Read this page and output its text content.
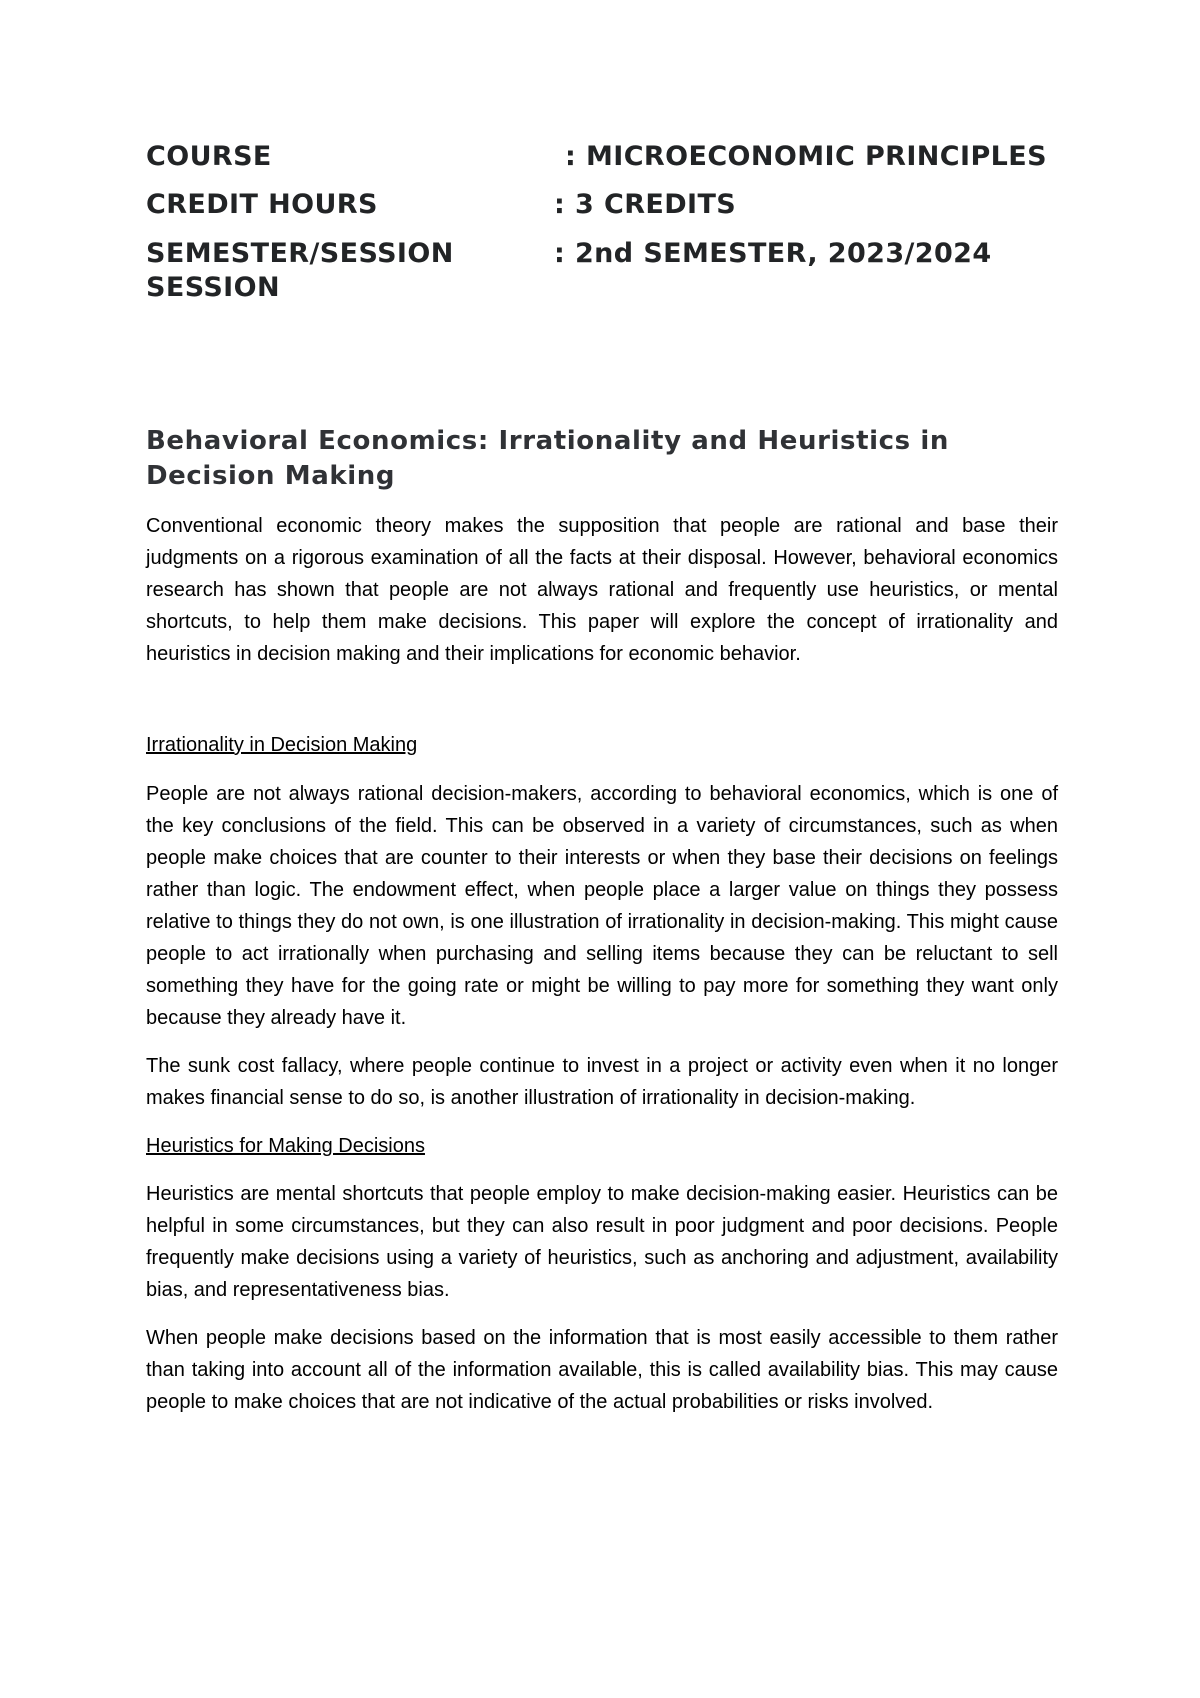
COURSE	: MICROECONOMIC PRINCIPLES
CREDIT HOURS	: 3 CREDITS
SEMESTER/SESSION SESSION
: 2nd SEMESTER, 2023/2024
Behavioral Economics: Irrationality and Heuristics in Decision Making

Conventional economic theory makes the supposition that people are rational and base their judgments on a rigorous examination of all the facts at their disposal. However, behavioral economics research has shown that people are not always rational and frequently use heuristics, or mental shortcuts, to help them make decisions. This paper will explore the concept of irrationality and heuristics in decision making and their implications for economic behavior.

Irrationality in Decision Making

People are not always rational decision-makers, according to behavioral economics, which is one of the key conclusions of the field. This can be observed in a variety of circumstances, such as when people make choices that are counter to their interests or when they base their decisions on feelings rather than logic. The endowment effect, when people place a larger value on things they possess relative to things they do not own, is one illustration of irrationality in decision-making. This might cause people to act irrationally when purchasing and selling items because they can be reluctant to sell something they have for the going rate or might be willing to pay more for something they want only because they already have it.

The sunk cost fallacy, where people continue to invest in a project or activity even when it no longer makes financial sense to do so, is another illustration of irrationality in decision-making.

Heuristics for Making Decisions

Heuristics are mental shortcuts that people employ to make decision-making easier. Heuristics can be helpful in some circumstances, but they can also result in poor judgment and poor decisions. People frequently make decisions using a variety of heuristics, such as anchoring and adjustment, availability bias, and representativeness bias.

When people make decisions based on the information that is most easily accessible to them rather than taking into account all of the information available, this is called availability bias. This may cause people to make choices that are not indicative of the actual probabilities or risks involved.
